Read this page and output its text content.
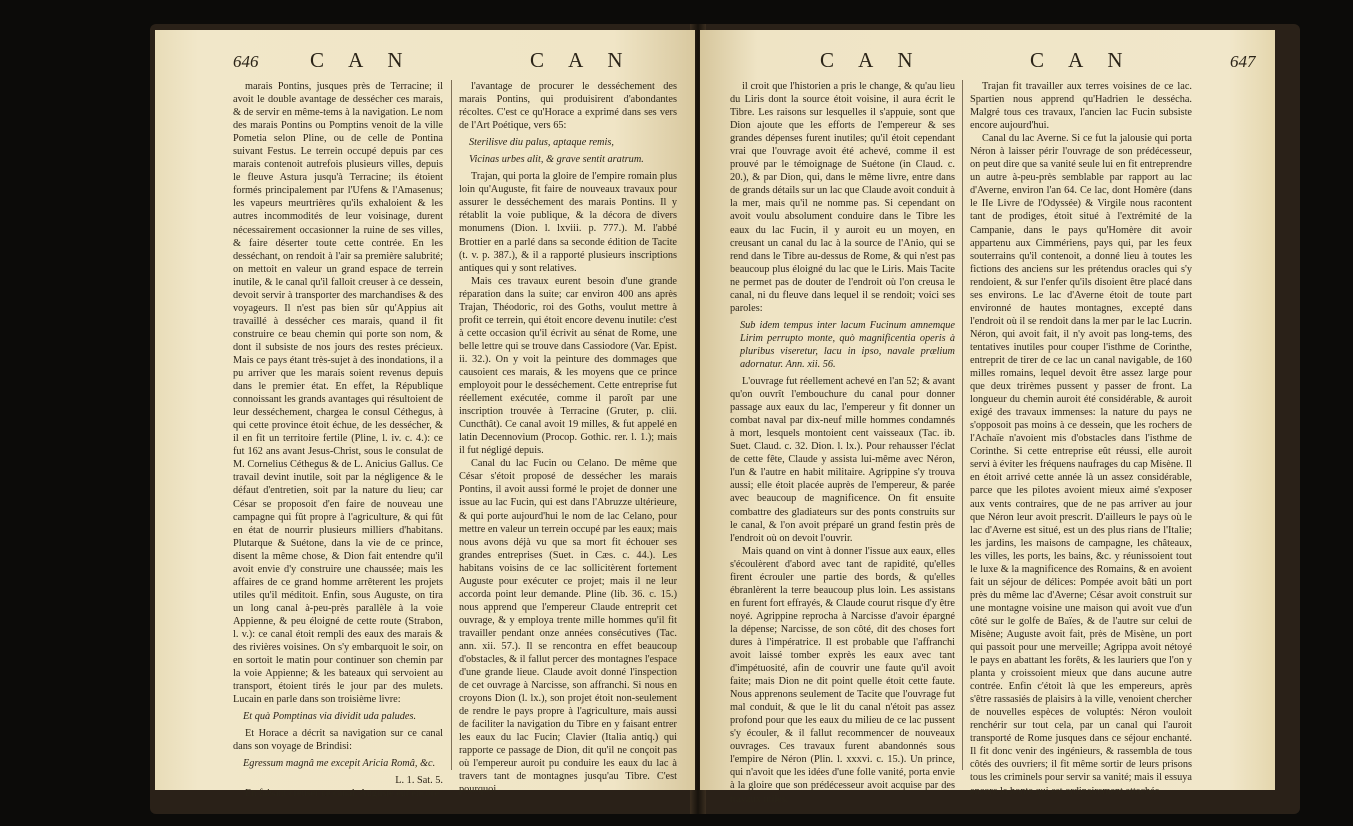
646 C A N	C A N

marais Pontins, jusques près de Terracine; il avoit le double avantage de dessécher ces marais, & de servir en même-tems à la navigation. Le nom des marais Pontins ou Pomptins venoit de la ville Pometia selon Pline, ou de celle de Pontina suivant Festus. Le terrein occupé depuis par ces marais contenoit autrefois plusieurs villes, depuis le fleuve Astura jusqu'à Terracine; ils étoient formés principalement par l'Ufens & l'Amasenus; les vapeurs meurtrières qu'ils exhaloient & les autres incommodités de leur voisinage, durent nécessairement occasionner la ruine de ses villes, & faire déserter toute cette contrée. En les desséchant, on rendoit à l'air sa première salubrité; on mettoit en valeur un grand espace de terrein inutile, & le canal qu'il falloit creuser à ce dessein, devoit servir à transporter des marchandises & des voyageurs. Il n'est pas bien sûr qu'Appius ait travaillé à dessécher ces marais, quand il fit construire ce beau chemin qui porte son nom, & dont il subsiste de nos jours des restes précieux. Mais ce pays étant très-sujet à des inondations, il a pu arriver que les marais soient revenus depuis dans le premier état. En effet, la République connoissant les grands avantages qui résultoient de leur desséchement, chargea le consul Céthegus, à qui cette province étoit échue, de les dessécher, & il en fit un territoire fertile (Pline, l. iv. c. 4.): ce fut 162 ans avant Jesus-Christ, sous le consulat de M. Cornelius Céthegus & de L. Anicius Gallus. Ce travail devint inutile, soit par la négligence & le défaut d'entretien, soit par la nature du lieu; car César se proposoit d'en faire de nouveau une campagne qui fût propre à l'agriculture, & qui fût en état de nourrir plusieurs milliers d'habitans. Plutarque & Suétone, dans la vie de ce prince, disent la même chose, & Dion fait entendre qu'il avoit envie d'y construire une chaussée; mais les affaires de ce grand homme arrêterent les projets utiles qu'il méditoit. Enfin, sous Auguste, on tira un long canal à-peu-près parallèle à la voie Appienne, & peu éloigné de cette route (Strabon, l. v.): ce canal étoit rempli des eaux des marais & des rivières voisines. On s'y embarquoit le soir, on en sortoit le matin pour continuer son chemin par la voie Appienne; & les bateaux qui servoient au transport, étoient tirés le jour par des mulets. Lucain en parle dans son troisième livre:

Et quà Pomptinas via dividit uda paludes.

Et Horace a décrit sa navigation sur ce canal dans son voyage de Brindisi:

Egressum magnâ me excepit Aricia Româ, &c.

L. 1. Sat. 5.

En faisant creuser ce canal, Auguste eut encore

l'avantage de procurer le desséchement des marais Pontins, qui produisirent d'abondantes récoltes. C'est ce qu'Horace a exprimé dans ses vers de l'Art Poétique, vers 65:

Sterilisve diu palus, aptaque remis,

Vicinas urbes alit, & grave sentit aratrum.

Trajan, qui porta la gloire de l'empire romain plus loin qu'Auguste, fit faire de nouveaux travaux pour assurer le desséchement des marais Pontins. Il y rétablit la voie publique, & la décora de divers monumens (Dion. l. lxviii. p. 777.). M. l'abbé Brottier en a parlé dans sa seconde édition de Tacite (t. v. p. 387.), & il a rapporté plusieurs inscriptions antiques qui y sont relatives.

Mais ces travaux eurent besoin d'une grande réparation dans la suite; car environ 400 ans après Trajan, Théodoric, roi des Goths, voulut mettre à profit ce terrein, qui étoit encore devenu inutile: c'est à cette occasion qu'il écrivit au sénat de Rome, une belle lettre qui se trouve dans Cassiodore (Var. Epist. ii. 32.). On y voit la peinture des dommages que causoient ces marais, & les moyens que ce prince employoit pour le desséchement. Cette entreprise fut réellement exécutée, comme il paroît par une inscription trouvée à Terracine (Gruter, p. clii. Cuncthât). Ce canal avoit 19 milles, & fut appelé en latin Decennovium (Procop. Gothic. rer. l. 1.); mais il fut négligé depuis.

Canal du lac Fucin ou Celano. De même que César s'étoit proposé de dessécher les marais Pontins, il avoit aussi formé le projet de donner une issue au lac Fucin, qui est dans l'Abruzze ultérieure, & qui porte aujourd'hui le nom de lac Celano, pour mettre en valeur un terrein occupé par les eaux; mais nous avons déjà vu que sa mort fit échouer ses grandes entreprises (Suet. in Cæs. c. 44.). Les habitans voisins de ce lac sollicitèrent fortement Auguste pour exécuter ce projet; mais il ne leur accorda point leur demande. Pline (lib. 36. c. 15.) nous apprend que l'empereur Claude entreprit cet ouvrage, & y employa trente mille hommes qu'il fit travailler pendant onze années consécutives (Tac. ann. xii. 57.). Il se rencontra en effet beaucoup d'obstacles, & il fallut percer des montagnes l'espace d'une grande lieue. Claude avoit donné l'inspection de cet ouvrage à Narcisse, son affranchi. Si nous en croyons Dion (l. lx.), son projet étoit non-seulement de rendre le pays propre à l'agriculture, mais aussi de faciliter la navigation du Tibre en y faisant entrer les eaux du lac Fucin; Clavier (Italia antiq.) qui rapporte ce passage de Dion, dit qu'il ne conçoit pas où l'empereur auroit pu conduire les eaux du lac à travers tant de montagnes jusqu'au Tibre. C'est pourquoi

C A N	C A N	647

il croit que l'historien a pris le change, & qu'au lieu du Liris dont la source étoit voisine, il aura écrit le Tibre. Les raisons sur lesquelles il s'appuie, sont que Dion ajoute que les efforts de l'empereur & ses grandes dépenses furent inutiles; qu'il étoit cependant vrai que l'ouvrage avoit été achevé, comme il est prouvé par le témoignage de Suétone (in Claud. c. 20.), & par Dion, qui, dans le même livre, entre dans de grands détails sur un lac que Claude avoit conduit à la mer, mais qu'il ne nomme pas. Si cependant on avoit voulu absolument conduire dans le Tibre les eaux du lac Fucin, il y auroit eu un moyen, en creusant un canal du lac à la source de l'Anio, qui se rend dans le Tibre au-dessus de Rome, & qui n'est pas beaucoup plus éloigné du lac que le Liris. Mais Tacite ne permet pas de douter de l'endroit où l'on creusa le canal, ni du fleuve dans lequel il se rendoit; voici ses paroles:

Sub idem tempus inter lacum Fucinum amnemque Lirim perrupto monte, quò magnificentia operis à pluribus viseretur, lacu in ipso, navale prælium adornatur. Ann. xii. 56.

L'ouvrage fut réellement achevé en l'an 52; & avant qu'on ouvrît l'embouchure du canal pour donner passage aux eaux du lac, l'empereur y fit donner un combat naval par dix-neuf mille hommes condamnés à mort, lesquels montoient cent vaisseaux (Tac. ib. Suet. Claud. c. 32. Dion. l. lx.). Pour rehausser l'éclat de cette fête, Claude y assista lui-même avec Néron, l'un & l'autre en habit militaire. Agrippine s'y trouva aussi; elle étoit placée auprès de l'empereur, & parée avec beaucoup de magnificence. On fit ensuite combattre des gladiateurs sur des ponts construits sur le canal, & l'on avoit préparé un grand festin près de l'endroit où on devoit l'ouvrir.

Mais quand on vint à donner l'issue aux eaux, elles s'écoulèrent d'abord avec tant de rapidité, qu'elles firent écrouler une partie des bords, & qu'elles ébranlèrent la terre beaucoup plus loin. Les assistans en furent fort effrayés, & Claude courut risque d'y être noyé. Agrippine reprocha à Narcisse d'avoir épargné la dépense; Narcisse, de son côté, dit des choses fort dures à l'impératrice. Il est probable que l'affranchi avoit laissé tomber exprès les eaux avec tant d'impétuosité, afin de couvrir une faute qu'il avoit faite; mais Dion ne dit point quelle étoit cette faute. Nous apprenons seulement de Tacite que l'ouvrage fut mal conduit, & que le lit du canal n'étoit pas assez profond pour que les eaux du milieu de ce lac pussent s'y écouler, & il fallut recommencer de nouveaux ouvrages. Ces travaux furent abandonnés sous l'empire de Néron (Plin. l. xxxvi. c. 15.). Un prince, qui n'avoit que les idées d'une folle vanité, porta envie à la gloire que son prédécesseur avoit acquise par des travaux utiles.

Trajan fit travailler aux terres voisines de ce lac. Spartien nous apprend qu'Hadrien le dessécha. Malgré tous ces travaux, l'ancien lac Fucin subsiste encore aujourd'hui.

Canal du lac Averne. Si ce fut la jalousie qui porta Néron à laisser périr l'ouvrage de son prédécesseur, on peut dire que sa vanité seule lui en fit entreprendre un autre à-peu-près semblable par rapport au lac d'Averne, environ l'an 64. Ce lac, dont Homère (dans le IIe Livre de l'Odyssée) & Virgile nous racontent tant de prodiges, étoit situé à l'extrémité de la Campanie, dans le pays qu'Homère dit avoir appartenu aux Cimmériens, pays qui, par les feux souterrains qu'il contenoit, a donné lieu à toutes les fictions des anciens sur les prétendus oracles qui s'y rendoient, & sur l'enfer qu'ils disoient être placé dans ses environs. Le lac d'Averne étoit de toute part environné de hautes montagnes, excepté dans l'endroit où il se rendoit dans la mer par le lac Lucrin. Néron, qui avoit fait, il n'y avoit pas long-tems, des tentatives inutiles pour couper l'isthme de Corinthe, entreprit de tirer de ce lac un canal navigable, de 160 milles romains, lequel devoit être assez large pour que deux trirèmes pussent y passer de front. La longueur du chemin auroit été considérable, & auroit exigé des travaux immenses: la nature du pays ne s'opposoit pas moins à ce dessein, que les rochers de l'Achaïe n'avoient mis d'obstacles dans l'isthme de Corinthe. Si cette entreprise eût réussi, elle auroit servi à éviter les fréquens naufrages du cap Misène. Il en étoit arrivé cette année là un assez considérable, parce que les pilotes avoient mieux aimé s'exposer aux vents contraires, que de ne pas arriver au jour que Néron leur avoit prescrit. D'ailleurs le pays où le lac d'Averne est situé, est un des plus rians de l'Italie; les jardins, les maisons de campagne, les châteaux, les villes, les ports, les bains, &c. y réunissoient tout le luxe & la magnificence des Romains, & en avoient fait un séjour de délices: Pompée avoit bâti un port près du même lac d'Averne; César avoit construit sur une montagne voisine une maison qui avoit vue d'un côté sur le golfe de Baïes, & de l'autre sur celui de Misène; Auguste avoit fait, près de Misène, un port qui passoit pour une merveille; Agrippa avoit nétoyé le pays en abattant les forêts, & les lauriers que l'on y planta y croissoient mieux que dans aucune autre contrée. Enfin c'étoit là que les empereurs, après s'être rassasiés de plaisirs à la ville, venoient chercher de nouvelles espèces de voluptés: Néron vouloit renchérir sur tout cela, par un canal qui l'auroit transporté de Rome jusques dans ce séjour enchanté. Il fit donc venir des ingénieurs, & rassembla de tous côtés des ouvriers; il fit même sortir de leurs prisons tous les criminels pour servir sa vanité; mais il essuya encore la honte qui est ordinairement attachée
